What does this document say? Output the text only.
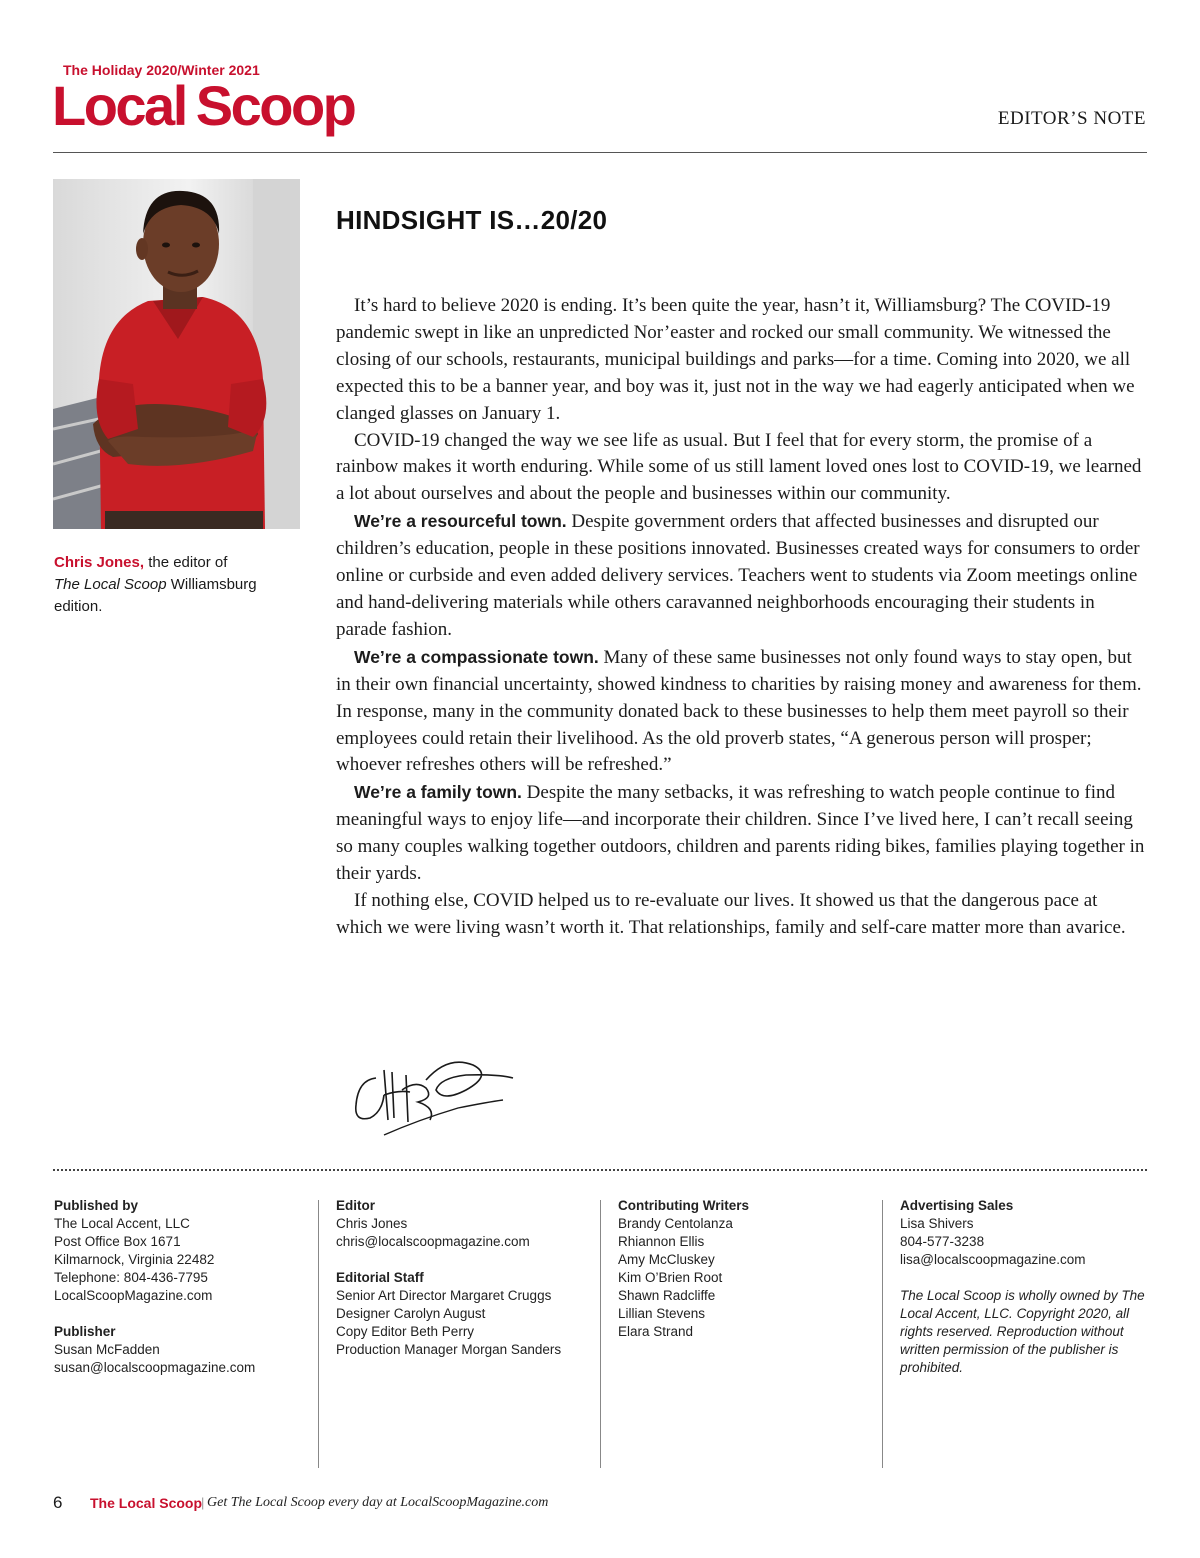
The Holiday 2020/Winter 2021
Local Scoop	EDITOR’S NOTE
Chris Jones, the editor of
The Local Scoop Williamsburg edition.
HINDSIGHT IS…20/20

It’s hard to believe 2020 is ending. It’s been quite the year, hasn’t it, Williamsburg? The COVID-19 pandemic swept in like an unpredicted Nor’easter and rocked our small community. We witnessed the closing of our schools, restaurants, municipal buildings and parks—for a time. Coming into 2020, we all expected this to be a banner year, and boy was it, just not in the way we had eagerly anticipated when we clanged glasses on January 1.

COVID-19 changed the way we see life as usual. But I feel that for every storm, the promise of a rainbow makes it worth enduring. While some of us still lament loved ones lost to COVID-19, we learned a lot about ourselves and about the people and businesses within our community.

We’re a resourceful town. Despite government orders that affected businesses and disrupted our children’s education, people in these positions innovated. Businesses created ways for consumers to order online or curbside and even added delivery services. Teachers went to students via Zoom meetings online and hand-delivering materials while others caravanned neighborhoods encouraging their students in parade fashion.

We’re a compassionate town. Many of these same businesses not only found ways to stay open, but in their own financial uncertainty, showed kindness to charities by raising money and awareness for them. In response, many in the community donated back to these businesses to help them meet payroll so their employees could retain their livelihood. As the old proverb states, “A generous person will prosper; whoever refreshes others will be refreshed.”

We’re a family town. Despite the many setbacks, it was refreshing to watch people continue to find meaningful ways to enjoy life—and incorporate their children. Since I’ve lived here, I can’t recall seeing so many couples walking together outdoors, children and parents riding bikes, families playing together in their yards.

If nothing else, COVID helped us to re-evaluate our lives. It showed us that the dangerous pace at which we were living wasn’t worth it. That relationships, family and self-care matter more than avarice.

Published by
The Local Accent, LLC
Post Office Box 1671
Kilmarnock, Virginia 22482
Telephone: 804-436-7795
LocalScoopMagazine.com
Publisher
Susan McFadden
susan@localscoopmagazine.com
Editor
Chris Jones
chris@localscoopmagazine.com
Editorial Staff
Senior Art Director Margaret Cruggs
Designer Carolyn August
Copy Editor Beth Perry
Production Manager Morgan Sanders
Contributing Writers
Brandy Centolanza
Rhiannon Ellis
Amy McCluskey
Kim O’Brien Root
Shawn Radcliffe
Lillian Stevens
Elara Strand
Advertising Sales
Lisa Shivers
804-577-3238
lisa@localscoopmagazine.com
The Local Scoop is wholly owned by The Local Accent, LLC. Copyright 2020, all rights reserved. Reproduction without written permission of the publisher is prohibited.
6 The Local Scoop
| Get The Local Scoop every day at LocalScoopMagazine.com
